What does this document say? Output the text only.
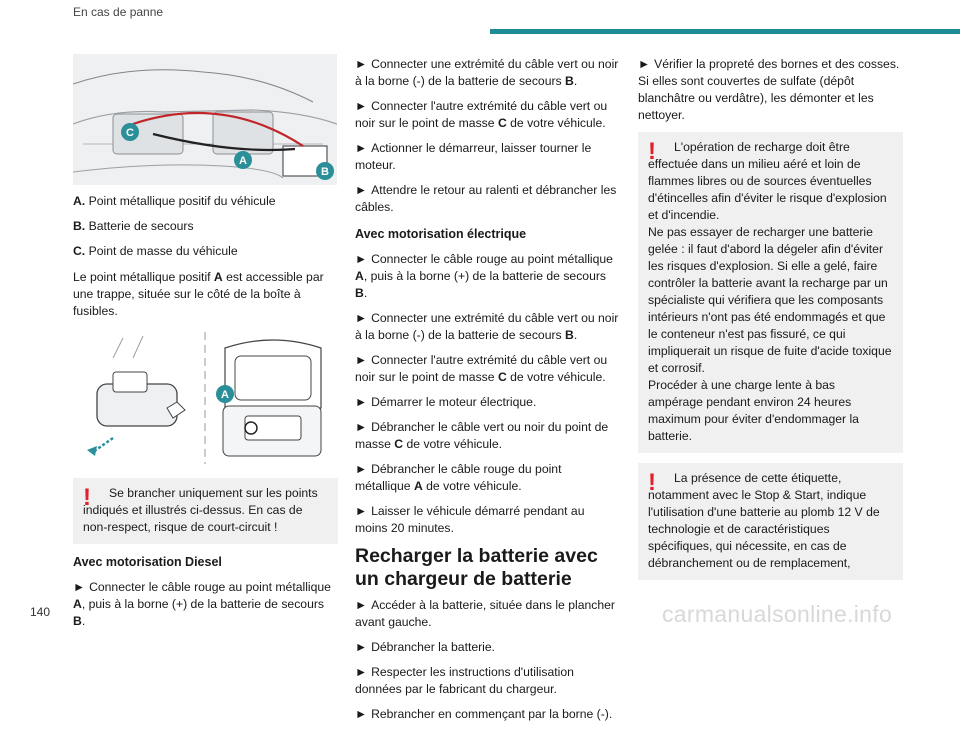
En cas de panne
C
A
B

A. Point métallique positif du véhicule

B. Batterie de secours

C. Point de masse du véhicule

Le point métallique positif A est accessible par une trappe, située sur le côté de la boîte à fusibles.

A
!	Se brancher uniquement sur les points indiqués et illustrés ci-dessus. En cas de non-respect, risque de court-circuit !
Avec motorisation Diesel

► Connecter le câble rouge au point métallique A, puis à la borne (+) de la batterie de secours B.

► Connecter une extrémité du câble vert ou noir à la borne (-) de la batterie de secours B.

► Connecter l'autre extrémité du câble vert ou noir sur le point de masse C de votre véhicule.

► Actionner le démarreur, laisser tourner le moteur.

► Attendre le retour au ralenti et débrancher les câbles.

Avec motorisation électrique

► Connecter le câble rouge au point métallique A, puis à la borne (+) de la batterie de secours B.

► Connecter une extrémité du câble vert ou noir à la borne (-) de la batterie de secours B.

► Connecter l'autre extrémité du câble vert ou noir sur le point de masse C de votre véhicule.

► Démarrer le moteur électrique.

► Débrancher le câble vert ou noir du point de masse C de votre véhicule.

► Débrancher le câble rouge du point métallique A de votre véhicule.

► Laisser le véhicule démarré pendant au moins 20 minutes.

Recharger la batterie avec un chargeur de batterie

► Accéder à la batterie, située dans le plancher avant gauche.

► Débrancher la batterie.

► Respecter les instructions d'utilisation données par le fabricant du chargeur.

► Rebrancher en commençant par la borne (-).

► Vérifier la propreté des bornes et des cosses. Si elles sont couvertes de sulfate (dépôt blanchâtre ou verdâtre), les démonter et les nettoyer.

!	L'opération de recharge doit être effectuée dans un milieu aéré et loin de flammes libres ou de sources éventuelles d'étincelles afin d'éviter le risque d'explosion et d'incendie.

Ne pas essayer de recharger une batterie gelée : il faut d'abord la dégeler afin d'éviter les risques d'explosion. Si elle a gelé, faire contrôler la batterie avant la recharge par un spécialiste qui vérifiera que les composants intérieurs n'ont pas été endommagés et que le conteneur n'est pas fissuré, ce qui impliquerait un risque de fuite d'acide toxique et corrosif.

Procéder à une charge lente à bas ampérage pendant environ 24 heures maximum pour éviter d'endommager la batterie.

!	La présence de cette étiquette, notamment avec le Stop & Start, indique l'utilisation d'une batterie au plomb 12 V de technologie et de caractéristiques spécifiques, qui nécessite, en cas de débranchement ou de remplacement,
140	carmanualsonline.info
